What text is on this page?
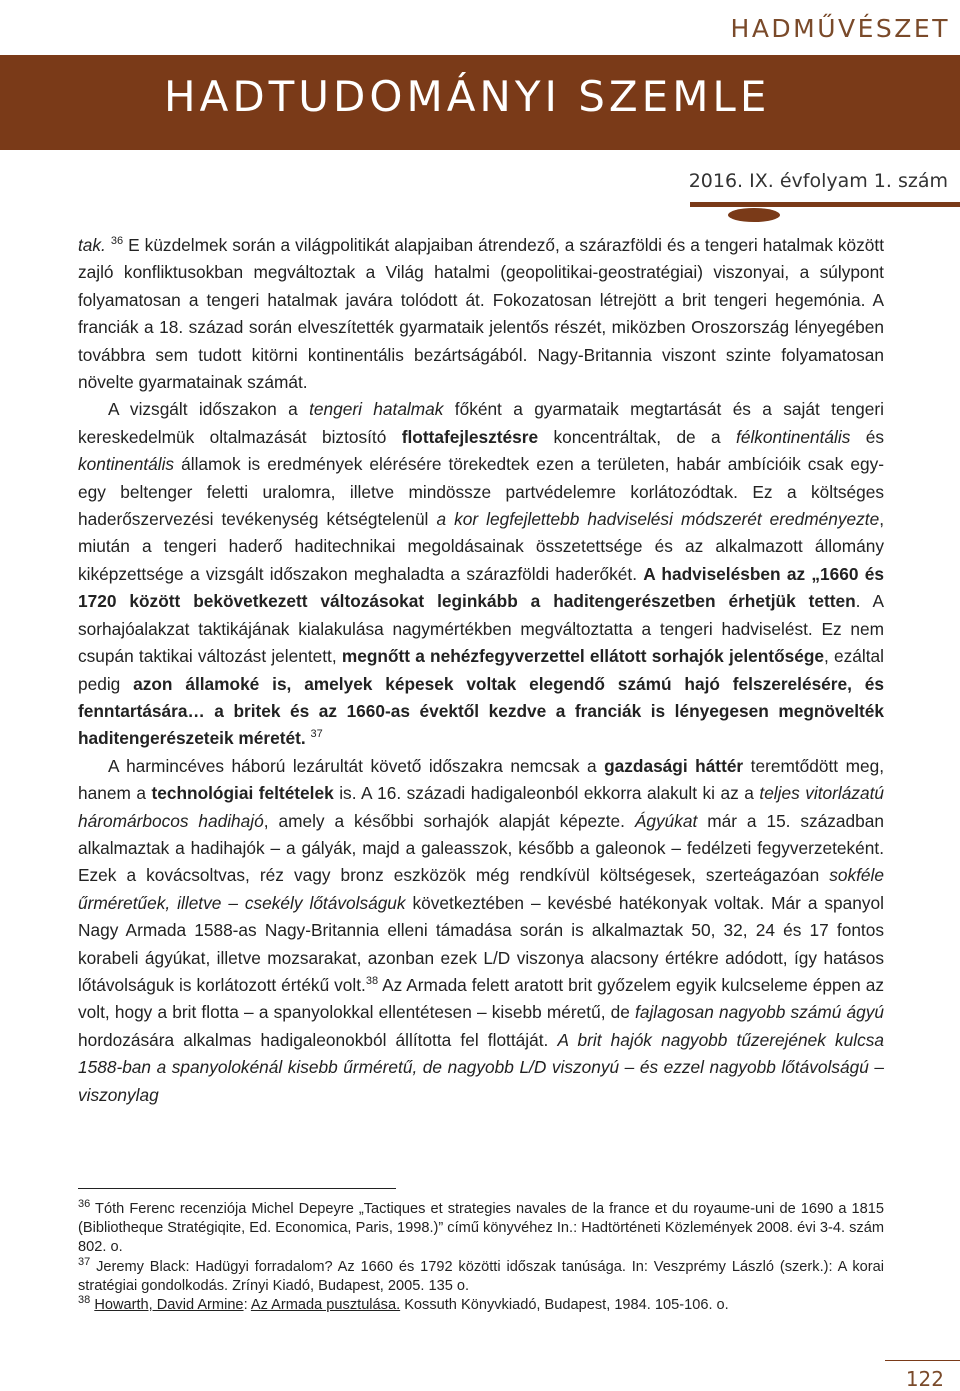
HADMŰVÉSZET
HADTUDOMÁNYI SZEMLE
2016. IX. évfolyam 1. szám

tak. $^{36}$ E küzdelmek során a világpolitikát alapjaiban átrendező, a szárazföldi és a tengeri hatalmak között zajló konfliktusokban megváltoztak a Világ hatalmi (geopolitikai-geostratégiai) viszonyai, a súlypont folyamatosan a tengeri hatalmak javára tolódott át. Fokozatosan létrejött a brit tengeri hegemónia. A franciák a 18. század során elveszítették gyarmataik jelentős részét, miközben Oroszország lényegében továbbra sem tudott kitörni kontinentális bezártságából. Nagy-Britannia viszont szinte folyamatosan növelte gyarmatainak számát.

A vizsgált időszakon a tengeri hatalmak főként a gyarmataik megtartását és a saját tengeri kereskedelmük oltalmazását biztosító flottafejlesztésre koncentráltak, de a félkontinentális és kontinentális államok is eredmények elérésére törekedtek ezen a területen, habár ambícióik csak egy-egy beltenger feletti uralomra, illetve mindössze partvédelemre korlátozódtak. Ez a költséges haderőszervezési tevékenység kétségtelenül a kor legfejlettebb hadviselési módszerét eredményezte, miután a tengeri haderő haditechnikai megoldásainak összetettsége és az alkalmazott állomány kiképzettsége a vizsgált időszakon meghaladta a szárazföldi haderőkét. A hadviselésben az „1660 és 1720 között bekövetkezett változásokat leginkább a haditengerészetben érhetjük tetten. A sorhajóalakzat taktikájának kialakulása nagymértékben megváltoztatta a tengeri hadviselést. Ez nem csupán taktikai változást jelentett, megnőtt a nehézfegyverzettel ellátott sorhajók jelentősége, ezáltal pedig azon államoké is, amelyek képesek voltak elegendő számú hajó felszerelésére, és fenntartására… a britek és az 1660-as évektől kezdve a franciák is lényegesen megnövelték haditengerészeteik méretét. $^{37}$

A harmincéves háború lezárultát követő időszakra nemcsak a gazdasági háttér teremtődött meg, hanem a technológiai feltételek is. A 16. századi hadigaleonból ekkorra alakult ki az a teljes vitorlázatú háromárbocos hadihajó, amely a későbbi sorhajók alapját képezte. Ágyúkat már a 15. században alkalmaztak a hadihajók – a gályák, majd a galeasszok, később a galeonok – fedélzeti fegyverzeteként. Ezek a kovácsoltvas, réz vagy bronz eszközök még rendkívül költségesek, szerteágazóan sokféle űrméretűek, illetve – csekély lőtávolságuk következtében – kevésbé hatékonyak voltak. Már a spanyol Nagy Armada 1588-as Nagy-Britannia elleni támadása során is alkalmaztak 50, 32, 24 és 17 fontos korabeli ágyúkat, illetve mozsarakat, azonban ezek L/D viszonya alacsony értékre adódott, így hatásos lőtávolságuk is korlátozott értékű volt.$^{38}$ Az Armada felett aratott brit győzelem egyik kulcseleme éppen az volt, hogy a brit flotta – a spanyolokkal ellentétesen – kisebb méretű, de fajlagosan nagyobb számú ágyú hordozására alkalmas hadigaleonokból állította fel flottáját. A brit hajók nagyobb tűzerejének kulcsa 1588-ban a spanyolokénál kisebb űrméretű, de nagyobb L/D viszonyú – és ezzel nagyobb lőtávolságú – viszonylag

$^{36}$ Tóth Ferenc recenziója Michel Depeyre „Tactiques et strategies navales de la france et du royaume-uni de 1690 a 1815 (Bibliotheque Stratégiqite, Ed. Economica, Paris, 1998.)” című könyvéhez In.: Hadtörténeti Közlemények 2008. évi 3-4. szám 802. o.

$^{37}$ Jeremy Black: Hadügyi forradalom? Az 1660 és 1792 közötti időszak tanúsága. In: Veszprémy László (szerk.): A korai stratégiai gondolkodás. Zrínyi Kiadó, Budapest, 2005. 135 o.

$^{38}$ Howarth, David Armine: Az Armada pusztulása. Kossuth Könyvkiadó, Budapest, 1984. 105-106. o.

122
